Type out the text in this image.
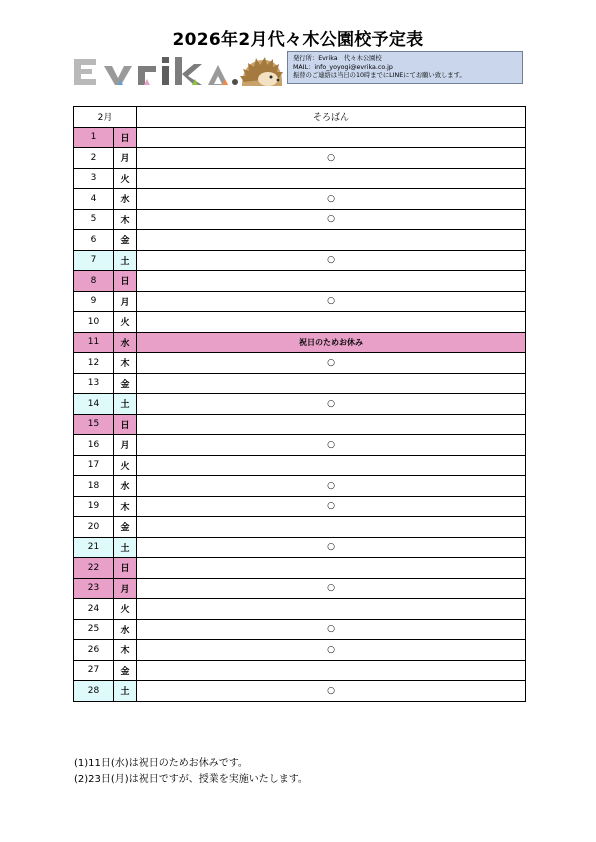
2026年2月代々木公園校予定表
発行所：Evrika　代々木公園校
MAIL：info_yoyogi@evrika.co.jp
振替のご連絡は当日の10時までにLINEにてお願い致します。
2月		そろばん
1	日	
2	月	○
3	火	
4	水	○
5	木	○
6	金	
7	土	○
8	日	
9	月	○
10	火	
11	水	祝日のためお休み
12	木	○
13	金	
14	土	○
15	日	
16	月	○
17	火	
18	水	○
19	木	○
20	金	
21	土	○
22	日	
23	月	○
24	火	
25	水	○
26	木	○
27	金	
28	土	○
(1)11日(水)は祝日のためお休みです。
(2)23日(月)は祝日ですが、授業を実施いたします。
